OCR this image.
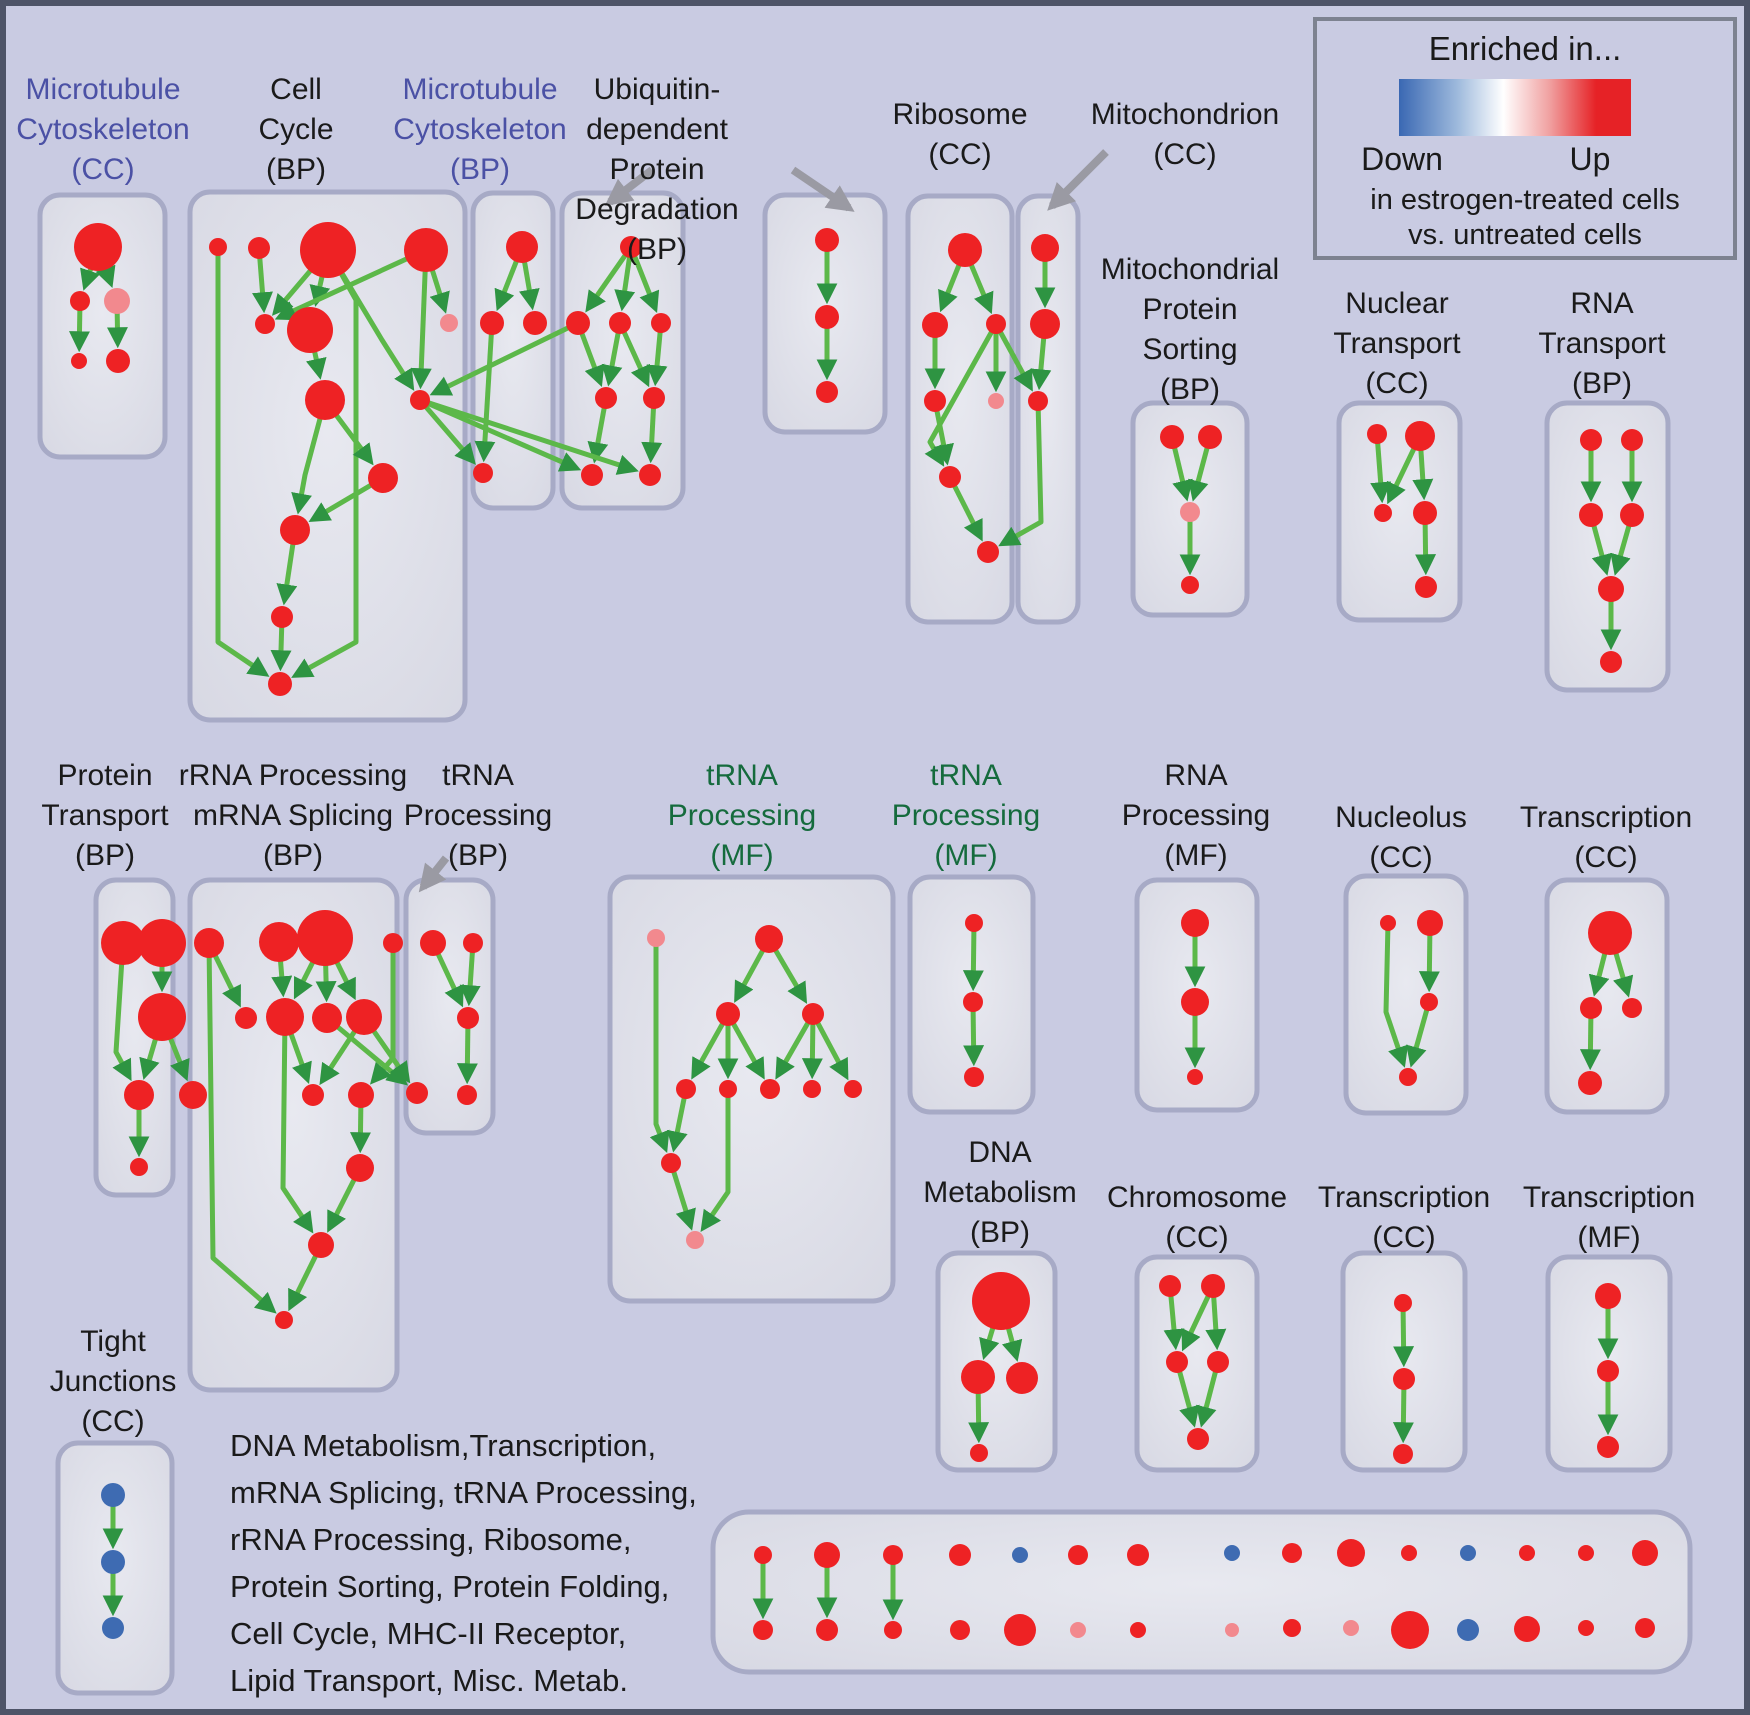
Enriched in...
Down	Up
in estrogen-treated cells
vs. untreated cells
DNA Metabolism,Transcription,
mRNA Splicing, tRNA Processing,
rRNA Processing, Ribosome,
Protein Sorting, Protein Folding,
Cell Cycle, MHC-II Receptor,
Lipid Transport, Misc. Metab.
Microtubule
Cytoskeleton
(CC)
Cell
Cycle
(BP)
Microtubule
Cytoskeleton
(BP)
Ubiquitin-
dependent
Protein
Degradation
(BP)
Ribosome
(CC)
Mitochondrion
(CC)
Mitochondrial
Protein
Sorting
(BP)
Nuclear
Transport
(CC)
RNA
Transport
(BP)
Protein
Transport
(BP)
rRNA Processing
mRNA Splicing
(BP)
tRNA
Processing
(BP)
tRNA
Processing
(MF)
tRNA
Processing
(MF)
RNA
Processing
(MF)
Nucleolus
(CC)
Transcription
(CC)
DNA
Metabolism
(BP)
Chromosome
(CC)
Transcription
(CC)
Transcription
(MF)
Tight
Junctions
(CC)
